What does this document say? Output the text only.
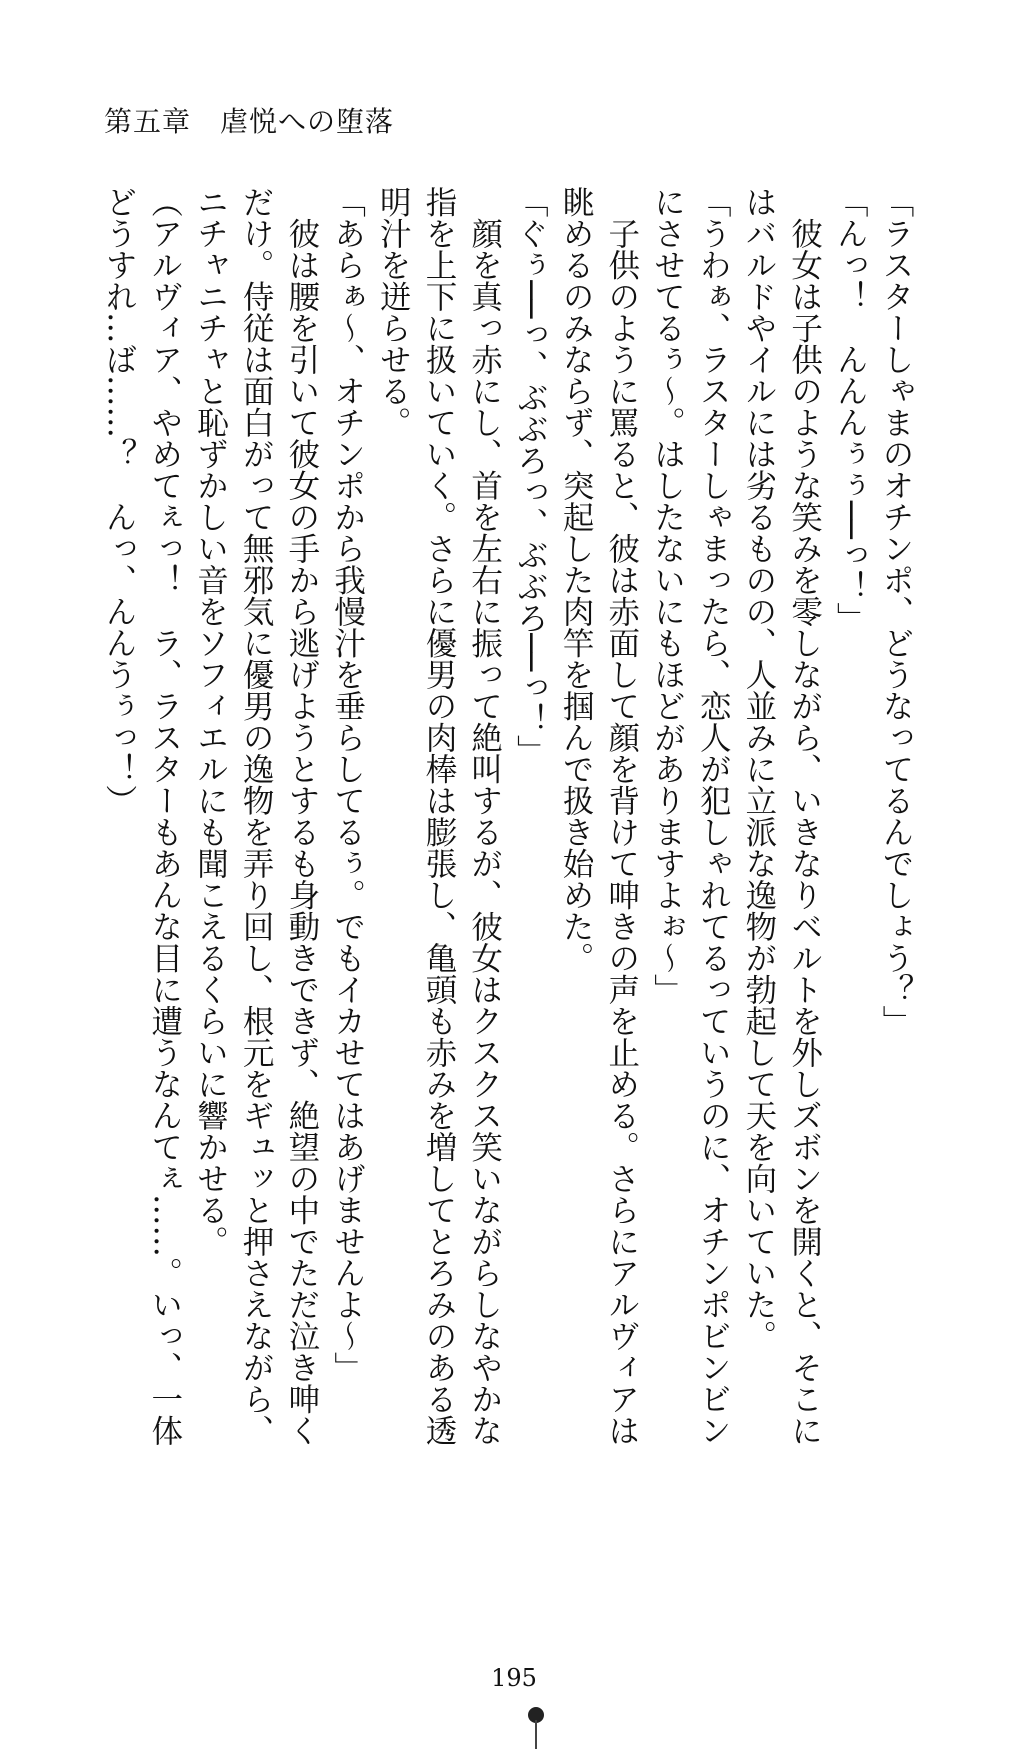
第五章　虐悦への堕落

「ラスターしゃまのオチンポ、どうなってるんでしょう？」

「んっ！　んんんぅぅ──っ！」

　彼女は子供のような笑みを零しながら、いきなりベルトを外しズボンを開くと、そこに

はバルドやイルには劣るものの、人並みに立派な逸物が勃起して天を向いていた。

「うわぁ、ラスターしゃまったら、恋人が犯しゃれてるっていうのに、オチンポビンビン

にさせてるぅ～。はしたないにもほどがありますよぉ～」

　子供のように罵ると、彼は赤面して顔を背けて呻きの声を止める。さらにアルヴィアは

眺めるのみならず、突起した肉竿を掴んで扱き始めた。

「ぐぅ──っ、ぶぶろっ、ぶぶろ──っ！」

　顔を真っ赤にし、首を左右に振って絶叫するが、彼女はクスクス笑いながらしなやかな

指を上下に扱いていく。さらに優男の肉棒は膨張し、亀頭も赤みを増してとろみのある透

明汁を迸らせる。

「あらぁ～、オチンポから我慢汁を垂らしてるぅ。でもイカせてはあげませんよ～」

　彼は腰を引いて彼女の手から逃げようとするも身動きできず、絶望の中でただ泣き呻く

だけ。侍従は面白がって無邪気に優男の逸物を弄り回し、根元をギュッと押さえながら、

ニチャニチャと恥ずかしい音をソフィエルにも聞こえるくらいに響かせる。

（アルヴィア、やめてぇっ！　ラ、ラスターもあんな目に遭うなんてぇ……。いっ、一体

どうすれ…ば……？　んっ、んんうぅっ！）

195
